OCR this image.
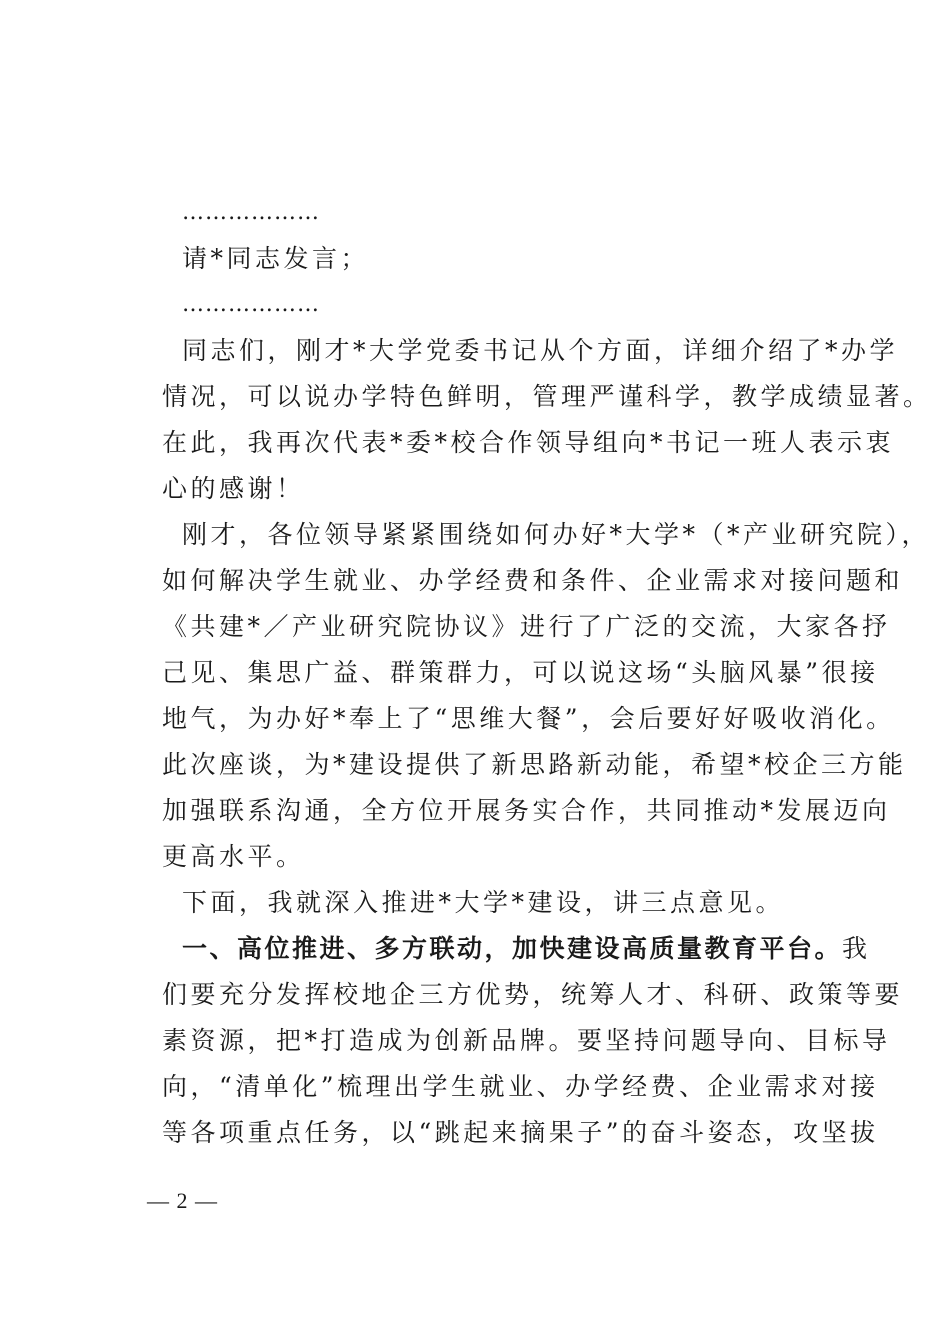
………………
请*同志发言；
………………
同志们，刚才*大学党委书记从个方面，详细介绍了*办学
情况，可以说办学特色鲜明，管理严谨科学，教学成绩显著。
在此，我再次代表*委*校合作领导组向*书记一班人表示衷
心的感谢！
刚才，各位领导紧紧围绕如何办好*大学*（*产业研究院），
如何解决学生就业、办学经费和条件、企业需求对接问题和
《共建*／产业研究院协议》进行了广泛的交流，大家各抒
己见、集思广益、群策群力，可以说这场“头脑风暴”很接
地气，为办好*奉上了“思维大餐”，会后要好好吸收消化。
此次座谈，为*建设提供了新思路新动能，希望*校企三方能
加强联系沟通，全方位开展务实合作，共同推动*发展迈向
更高水平。
下面，我就深入推进*大学*建设，讲三点意见。
一、高位推进、多方联动，加快建设高质量教育平台。我
们要充分发挥校地企三方优势，统筹人才、科研、政策等要
素资源，把*打造成为创新品牌。要坚持问题导向、目标导
向，“清单化”梳理出学生就业、办学经费、企业需求对接
等各项重点任务，以“跳起来摘果子”的奋斗姿态，攻坚拔
— 2 —
